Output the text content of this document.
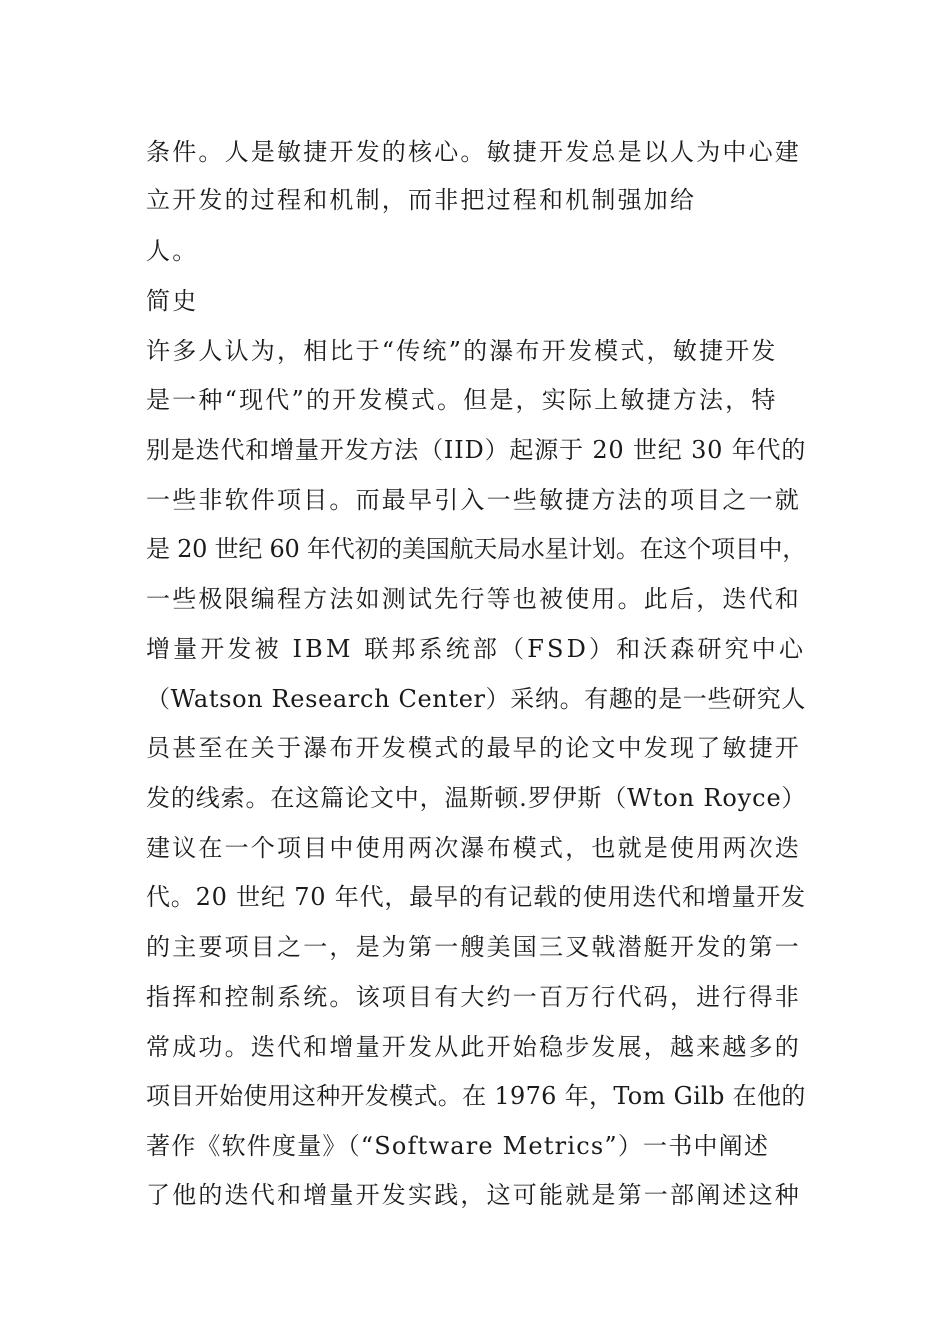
条件。人是敏捷开发的核心。敏捷开发总是以人为中心建
立开发的过程和机制，而非把过程和机制强加给
人。
简史
许多人认为，相比于“传统”的瀑布开发模式，敏捷开发
是一种“现代”的开发模式。但是，实际上敏捷方法，特
别是迭代和增量开发方法（IID）起源于 20 世纪 30 年代的
一些非软件项目。而最早引入一些敏捷方法的项目之一就
是 20 世纪 60 年代初的美国航天局水星计划。在这个项目中，
一些极限编程方法如测试先行等也被使用。此后，迭代和
增量开发被 IBM 联邦系统部（FSD）和沃森研究中心
（Watson Research Center）采纳。有趣的是一些研究人
员甚至在关于瀑布开发模式的最早的论文中发现了敏捷开
发的线索。在这篇论文中，温斯顿.罗伊斯（Wton Royce）
建议在一个项目中使用两次瀑布模式，也就是使用两次迭
代。20 世纪 70 年代，最早的有记载的使用迭代和增量开发
的主要项目之一，是为第一艘美国三叉戟潜艇开发的第一
指挥和控制系统。该项目有大约一百万行代码，进行得非
常成功。迭代和增量开发从此开始稳步发展，越来越多的
项目开始使用这种开发模式。在 1976 年，Tom Gilb 在他的
著作《软件度量》（“Software Metrics”）一书中阐述
了他的迭代和增量开发实践，这可能就是第一部阐述这种
